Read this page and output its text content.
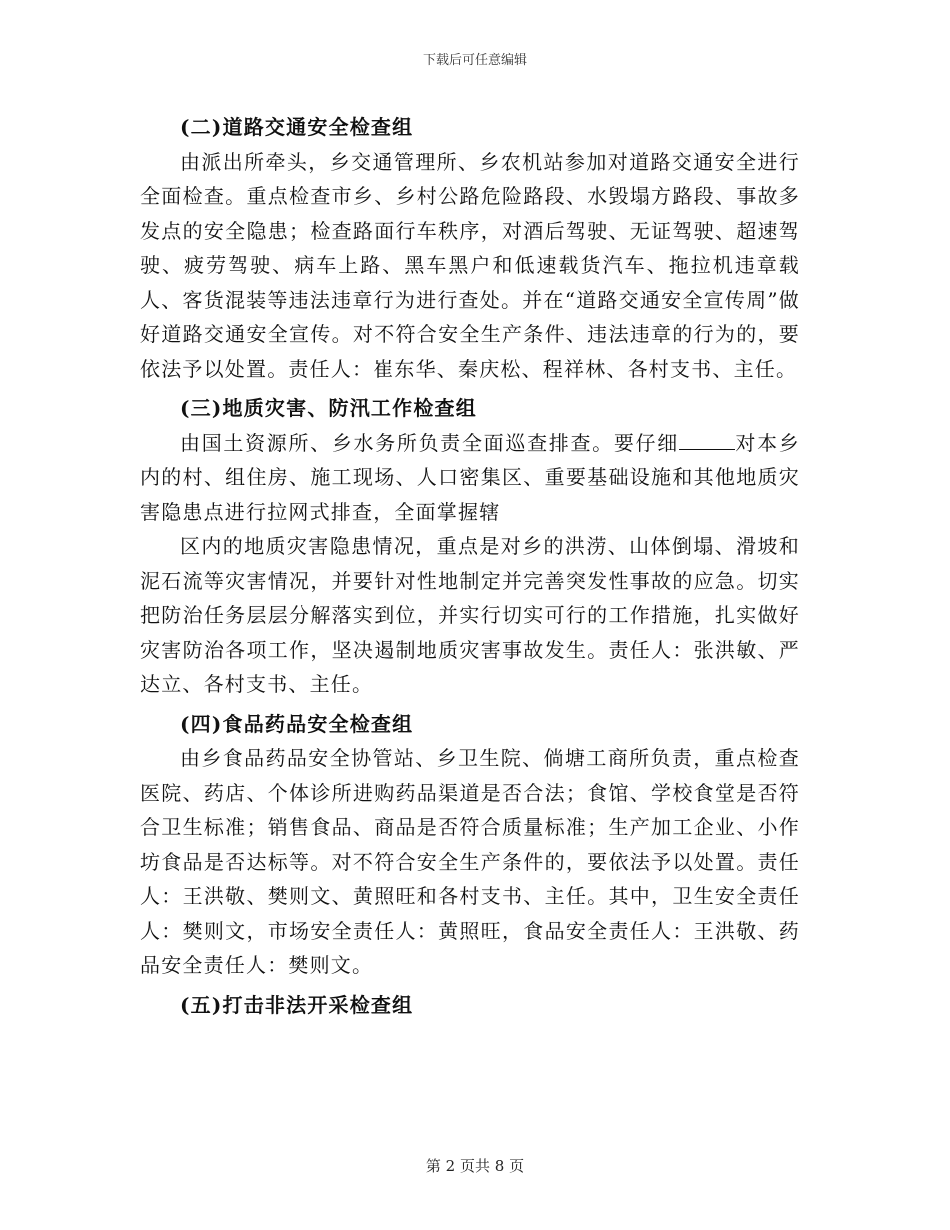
下载后可任意编辑

(二)道路交通安全检查组

由派出所牵头，乡交通管理所、乡农机站参加对道路交通安全进行全面检查。重点检查市乡、乡村公路危险路段、水毁塌方路段、事故多发点的安全隐患；检查路面行车秩序，对酒后驾驶、无证驾驶、超速驾驶、疲劳驾驶、病车上路、黑车黑户和低速载货汽车、拖拉机违章载人、客货混装等违法违章行为进行查处。并在“道路交通安全宣传周”做好道路交通安全宣传。对不符合安全生产条件、违法违章的行为的，要依法予以处置。责任人：崔东华、秦庆松、程祥林、各村支书、主任。

(三)地质灾害、防汛工作检查组

由国土资源所、乡水务所负责全面巡查排查。要仔细	对本乡内的村、组住房、施工现场、人口密集区、重要基础设施和其他地质灾害隐患点进行拉网式排查，全面掌握辖

区内的地质灾害隐患情况，重点是对乡的洪涝、山体倒塌、滑坡和泥石流等灾害情况，并要针对性地制定并完善突发性事故的应急。切实把防治任务层层分解落实到位，并实行切实可行的工作措施，扎实做好灾害防治各项工作，坚决遏制地质灾害事故发生。责任人：张洪敏、严达立、各村支书、主任。

(四)食品药品安全检查组

由乡食品药品安全协管站、乡卫生院、倘塘工商所负责，重点检查医院、药店、个体诊所进购药品渠道是否合法；食馆、学校食堂是否符合卫生标准；销售食品、商品是否符合质量标准；生产加工企业、小作坊食品是否达标等。对不符合安全生产条件的，要依法予以处置。责任人：王洪敬、樊则文、黄照旺和各村支书、主任。其中，卫生安全责任人：樊则文，市场安全责任人：黄照旺，食品安全责任人：王洪敬、药品安全责任人：樊则文。

(五)打击非法开采检查组

第 2 页共 8 页
